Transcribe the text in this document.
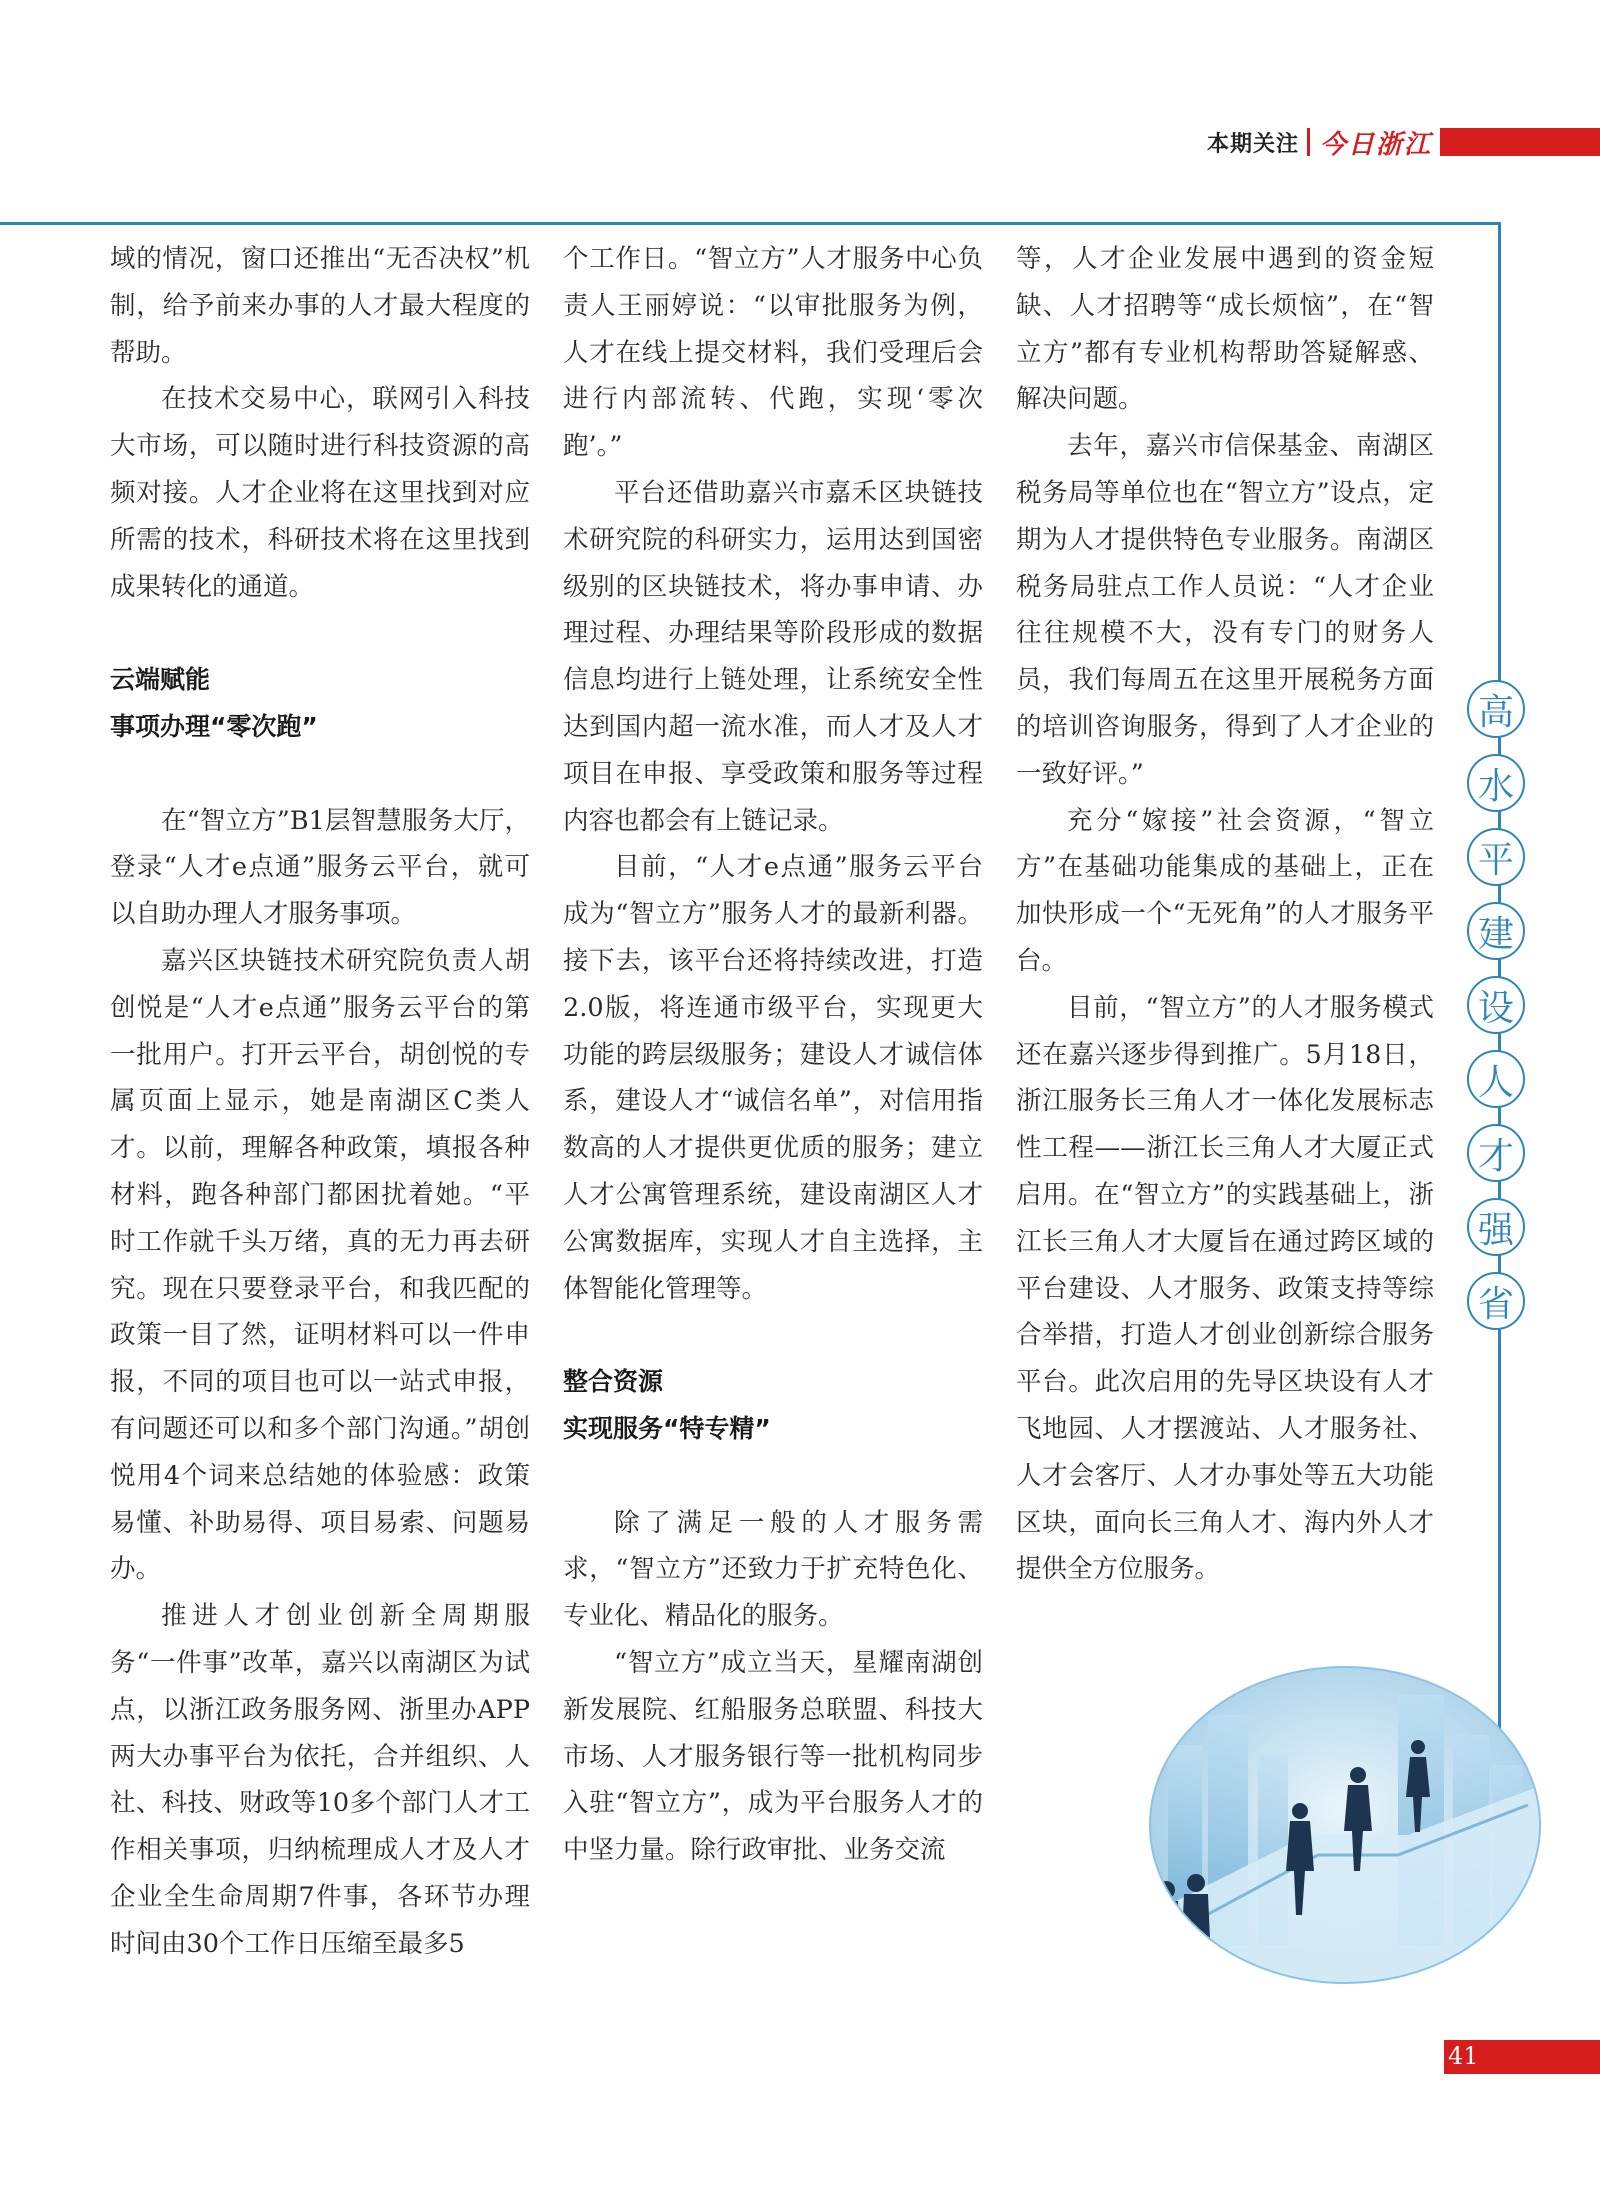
本期关注 今日浙江

域的情况，窗口还推出“无否决权”机制，给予前来办事的人才最大程度的帮助。

在技术交易中心，联网引入科技大市场，可以随时进行科技资源的高频对接。人才企业将在这里找到对应所需的技术，科研技术将在这里找到成果转化的通道。

云端赋能
事项办理“零次跑”

在“智立方”B1层智慧服务大厅，登录“人才e点通”服务云平台，就可以自助办理人才服务事项。

嘉兴区块链技术研究院负责人胡创悦是“人才e点通”服务云平台的第一批用户。打开云平台，胡创悦的专属页面上显示，她是南湖区C类人才。以前，理解各种政策，填报各种材料，跑各种部门都困扰着她。“平时工作就千头万绪，真的无力再去研究。现在只要登录平台，和我匹配的政策一目了然，证明材料可以一件申报，不同的项目也可以一站式申报，有问题还可以和多个部门沟通。”胡创悦用4个词来总结她的体验感：政策易懂、补助易得、项目易索、问题易办。

推进人才创业创新全周期服务“一件事”改革，嘉兴以南湖区为试点，以浙江政务服务网、浙里办APP两大办事平台为依托，合并组织、人社、科技、财政等10多个部门人才工作相关事项，归纳梳理成人才及人才企业全生命周期7件事，各环节办理时间由30个工作日压缩至最多5

个工作日。“智立方”人才服务中心负责人王丽婷说：“以审批服务为例，人才在线上提交材料，我们受理后会进行内部流转、代跑，实现‘零次跑’。”

平台还借助嘉兴市嘉禾区块链技术研究院的科研实力，运用达到国密级别的区块链技术，将办事申请、办理过程、办理结果等阶段形成的数据信息均进行上链处理，让系统安全性达到国内超一流水准，而人才及人才项目在申报、享受政策和服务等过程内容也都会有上链记录。

目前，“人才e点通”服务云平台成为“智立方”服务人才的最新利器。接下去，该平台还将持续改进，打造2.0版，将连通市级平台，实现更大功能的跨层级服务；建设人才诚信体系，建设人才“诚信名单”，对信用指数高的人才提供更优质的服务；建立人才公寓管理系统，建设南湖区人才公寓数据库，实现人才自主选择，主体智能化管理等。

整合资源
实现服务“特专精”

除了满足一般的人才服务需求，“智立方”还致力于扩充特色化、专业化、精品化的服务。

“智立方”成立当天，星耀南湖创新发展院、红船服务总联盟、科技大市场、人才服务银行等一批机构同步入驻“智立方”，成为平台服务人才的中坚力量。除行政审批、业务交流

等，人才企业发展中遇到的资金短缺、人才招聘等“成长烦恼”，在“智立方”都有专业机构帮助答疑解惑、解决问题。

去年，嘉兴市信保基金、南湖区税务局等单位也在“智立方”设点，定期为人才提供特色专业服务。南湖区税务局驻点工作人员说：“人才企业往往规模不大，没有专门的财务人员，我们每周五在这里开展税务方面的培训咨询服务，得到了人才企业的一致好评。”

充分“嫁接”社会资源，“智立方”在基础功能集成的基础上，正在加快形成一个“无死角”的人才服务平台。

目前，“智立方”的人才服务模式还在嘉兴逐步得到推广。5月18日，浙江服务长三角人才一体化发展标志性工程——浙江长三角人才大厦正式启用。在“智立方”的实践基础上，浙江长三角人才大厦旨在通过跨区域的平台建设、人才服务、政策支持等综合举措，打造人才创业创新综合服务平台。此次启用的先导区块设有人才飞地园、人才摆渡站、人才服务社、人才会客厅、人才办事处等五大功能区块，面向长三角人才、海内外人才提供全方位服务。

高
水
平
建
设
人
才
强
省
41
